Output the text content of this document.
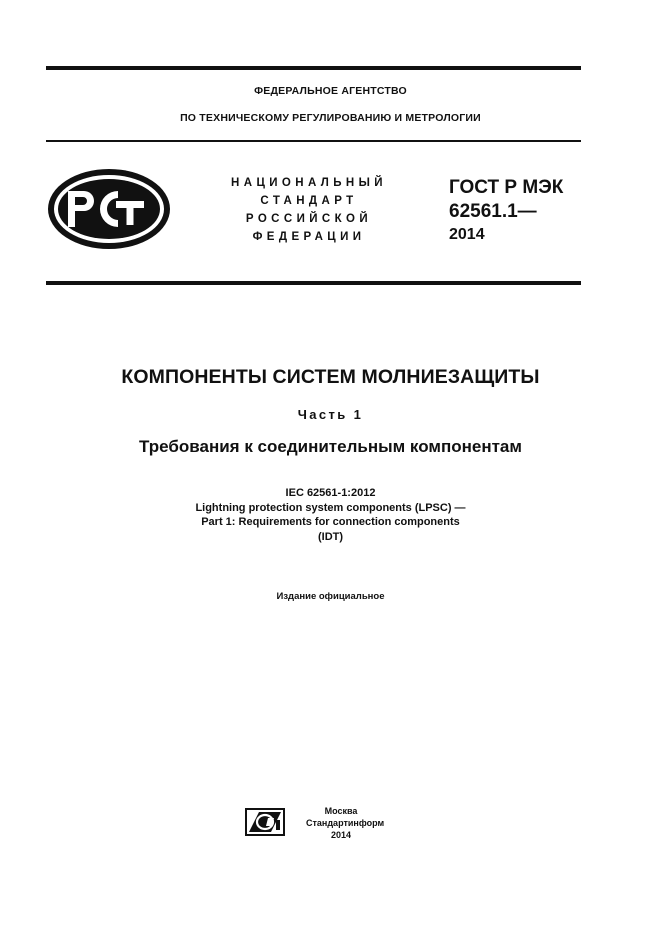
ФЕДЕРАЛЬНОЕ АГЕНТСТВО
ПО ТЕХНИЧЕСКОМУ РЕГУЛИРОВАНИЮ И МЕТРОЛОГИИ
НАЦИОНАЛЬНЫЙ
СТАНДАРТ
РОССИЙСКОЙ
ФЕДЕРАЦИИ
ГОСТ Р МЭК
62561.1—
2014
КОМПОНЕНТЫ СИСТЕМ МОЛНИЕЗАЩИТЫ
Часть 1
Требования к соединительным компонентам
IEC 62561-1:2012
Lightning protection system components (LPSC) —
Part 1: Requirements for connection components
(IDT)
Издание официальное
Москва
Стандартинформ
2014
